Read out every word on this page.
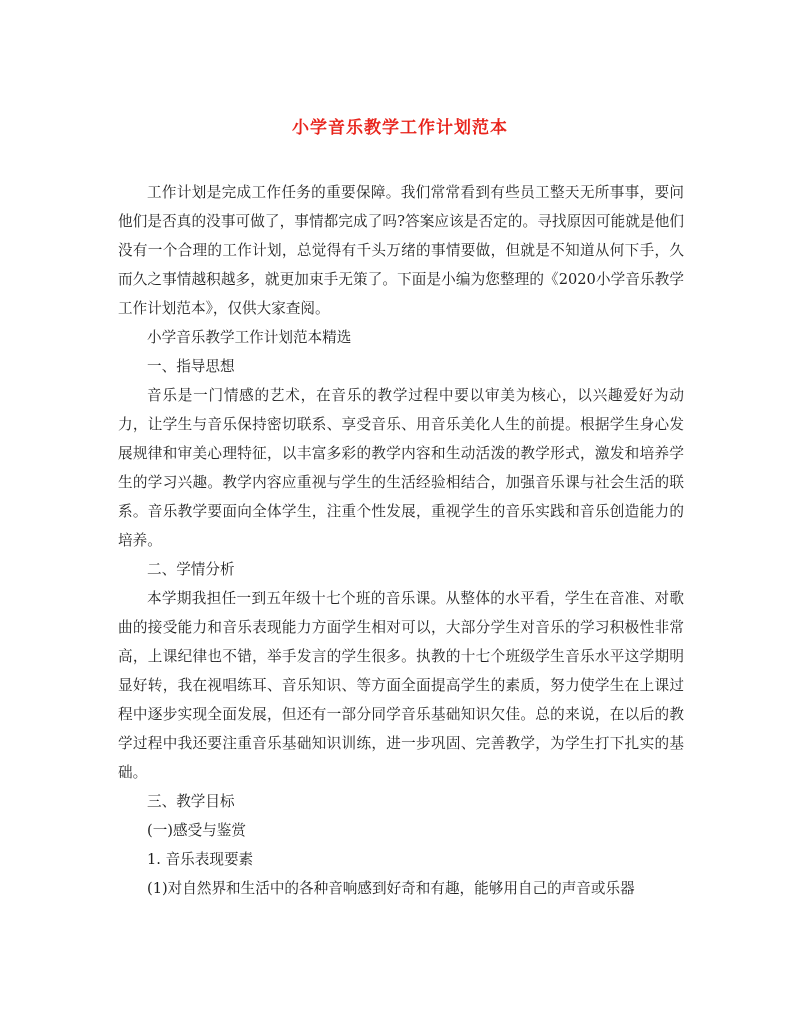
小学音乐教学工作计划范本

工作计划是完成工作任务的重要保障。我们常常看到有些员工整天无所事事，要问他们是否真的没事可做了，事情都完成了吗?答案应该是否定的。寻找原因可能就是他们没有一个合理的工作计划，总觉得有千头万绪的事情要做，但就是不知道从何下手，久而久之事情越积越多，就更加束手无策了。下面是小编为您整理的《2020小学音乐教学工作计划范本》，仅供大家查阅。

小学音乐教学工作计划范本精选

一、指导思想

音乐是一门情感的艺术，在音乐的教学过程中要以审美为核心，以兴趣爱好为动力，让学生与音乐保持密切联系、享受音乐、用音乐美化人生的前提。根据学生身心发展规律和审美心理特征，以丰富多彩的教学内容和生动活泼的教学形式，激发和培养学生的学习兴趣。教学内容应重视与学生的生活经验相结合，加强音乐课与社会生活的联系。音乐教学要面向全体学生，注重个性发展，重视学生的音乐实践和音乐创造能力的培养。

二、学情分析

本学期我担任一到五年级十七个班的音乐课。从整体的水平看，学生在音准、对歌曲的接受能力和音乐表现能力方面学生相对可以，大部分学生对音乐的学习积极性非常高，上课纪律也不错，举手发言的学生很多。执教的十七个班级学生音乐水平这学期明显好转，我在视唱练耳、音乐知识、等方面全面提高学生的素质，努力使学生在上课过程中逐步实现全面发展，但还有一部分同学音乐基础知识欠佳。总的来说，在以后的教学过程中我还要注重音乐基础知识训练，进一步巩固、完善教学，为学生打下扎实的基础。

三、教学目标

(一)感受与鉴赏

1. 音乐表现要素

(1)对自然界和生活中的各种音响感到好奇和有趣，能够用自己的声音或乐器
